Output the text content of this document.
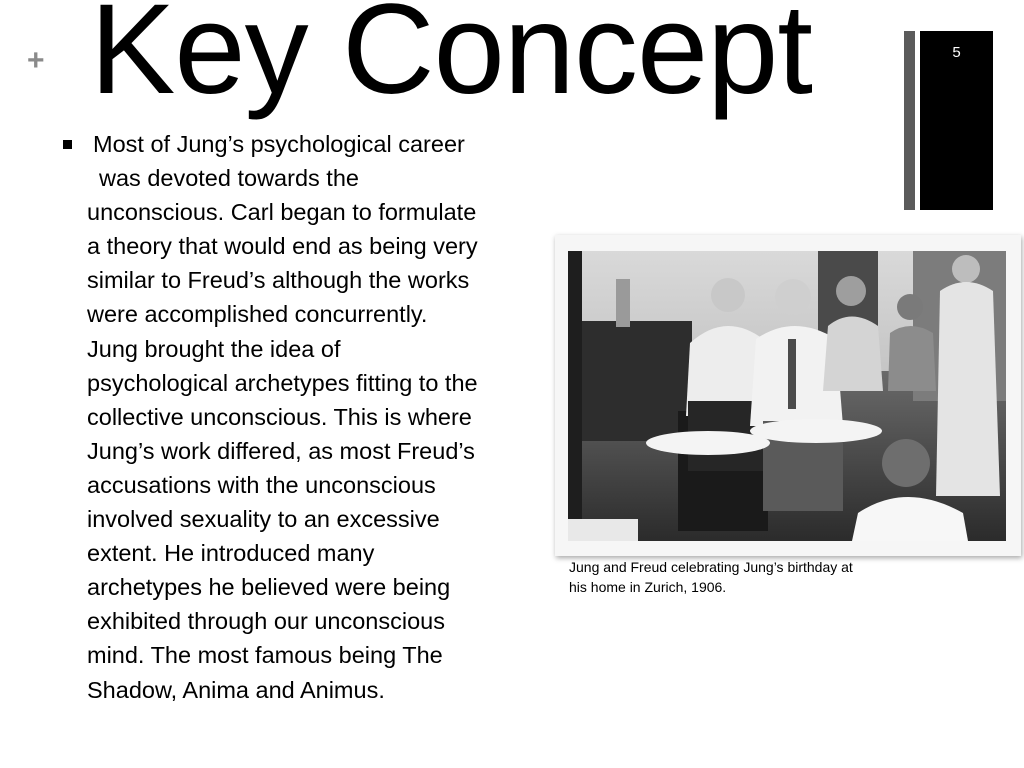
+ Key Concept	5
Most of Jung’s psychological career
was devoted towards the
unconscious. Carl began to formulate
a theory that would end as being very
similar to Freud’s although the works
were accomplished concurrently.
Jung brought the idea of
psychological archetypes fitting to the
collective unconscious. This is where
Jung’s work differed, as most Freud’s
accusations with the unconscious
involved sexuality to an excessive
extent. He introduced many
archetypes he believed were being
exhibited through our unconscious
mind. The most famous being The
Shadow, Anima and Animus.
Jung and Freud celebrating Jung’s birthday at
his home in Zurich, 1906.
